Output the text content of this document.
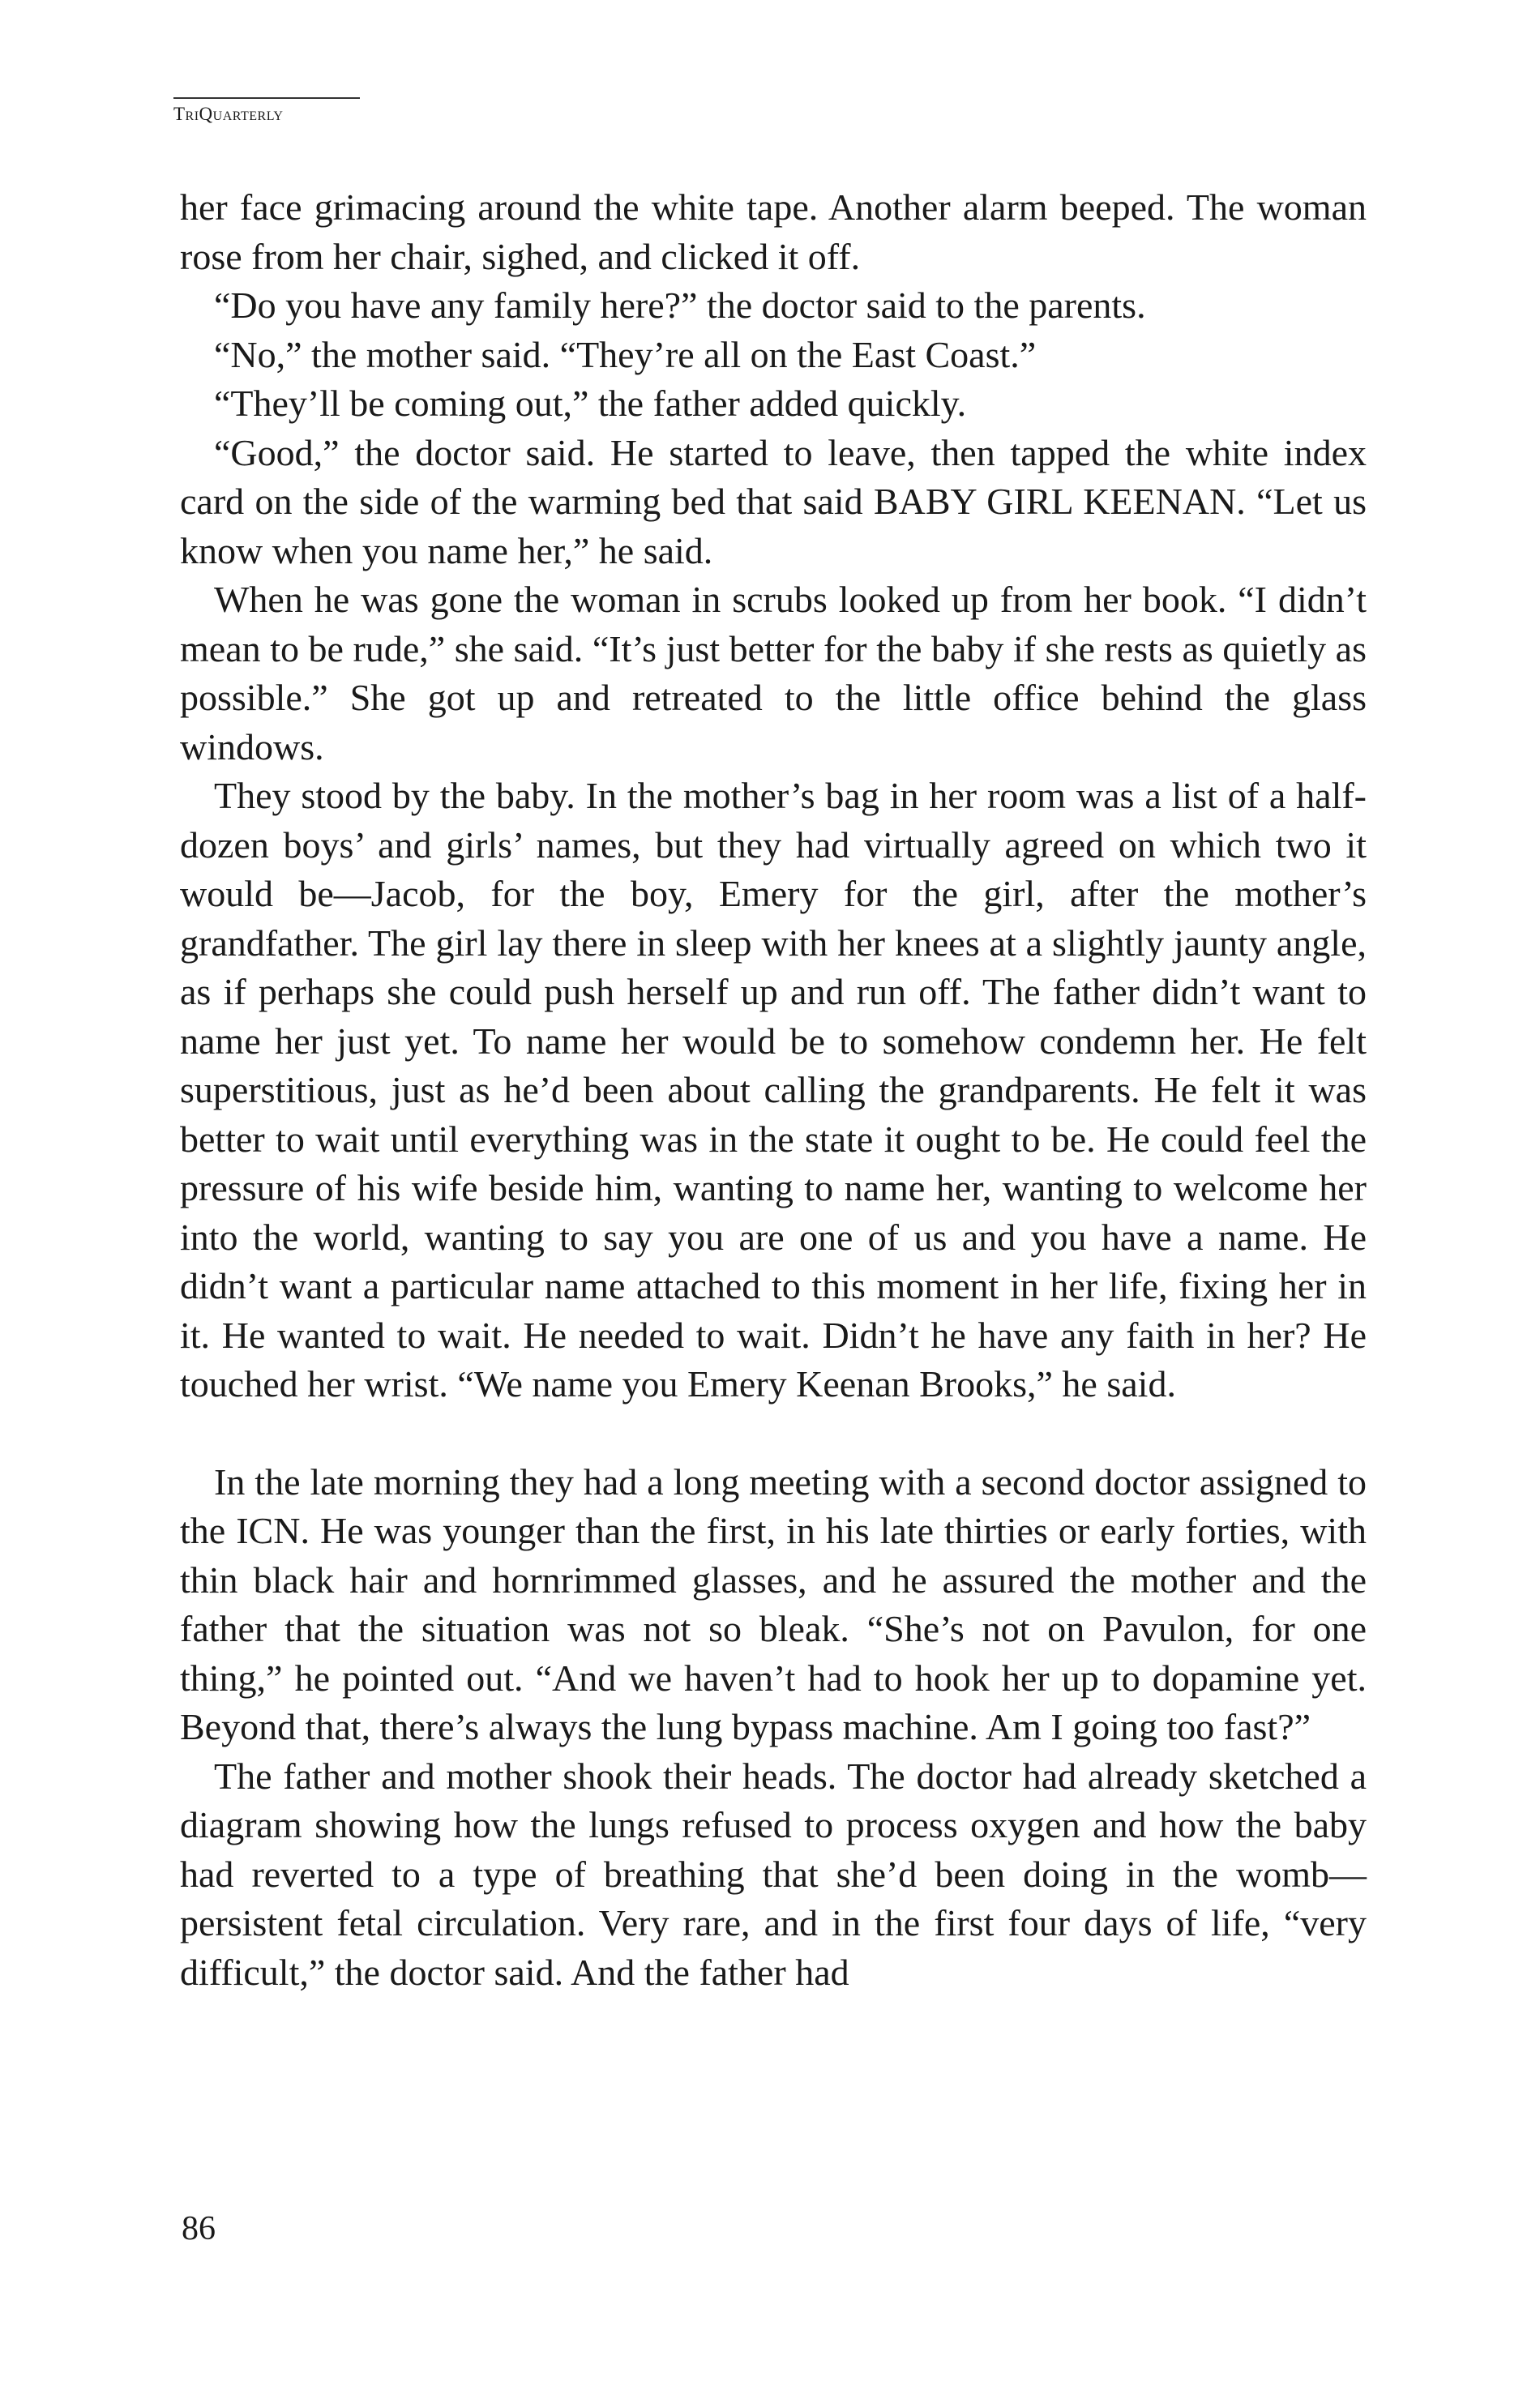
TriQuarterly

her face grimacing around the white tape. Another alarm beeped. The woman rose from her chair, sighed, and clicked it off.

“Do you have any family here?” the doctor said to the parents.

“No,” the mother said. “They’re all on the East Coast.”

“They’ll be coming out,” the father added quickly.

“Good,” the doctor said. He started to leave, then tapped the white index card on the side of the warming bed that said BABY GIRL KEENAN. “Let us know when you name her,” he said.

When he was gone the woman in scrubs looked up from her book. “I didn’t mean to be rude,” she said. “It’s just better for the baby if she rests as quietly as possible.” She got up and retreated to the little office behind the glass windows.

They stood by the baby. In the mother’s bag in her room was a list of a half-dozen boys’ and girls’ names, but they had virtually agreed on which two it would be—Jacob, for the boy, Emery for the girl, after the mother’s grandfather. The girl lay there in sleep with her knees at a slightly jaunty angle, as if perhaps she could push herself up and run off. The father didn’t want to name her just yet. To name her would be to somehow condemn her. He felt superstitious, just as he’d been about calling the grandparents. He felt it was better to wait until everything was in the state it ought to be. He could feel the pressure of his wife beside him, wanting to name her, wanting to welcome her into the world, wanting to say you are one of us and you have a name. He didn’t want a particular name attached to this moment in her life, fixing her in it. He wanted to wait. He needed to wait. Didn’t he have any faith in her? He touched her wrist. “We name you Emery Keenan Brooks,” he said.

In the late morning they had a long meeting with a second doctor assigned to the ICN. He was younger than the first, in his late thirties or early forties, with thin black hair and hornrimmed glasses, and he assured the mother and the father that the situation was not so bleak. “She’s not on Pavulon, for one thing,” he pointed out. “And we haven’t had to hook her up to dopamine yet. Beyond that, there’s always the lung bypass machine. Am I going too fast?”

The father and mother shook their heads. The doctor had already sketched a diagram showing how the lungs refused to process oxygen and how the baby had reverted to a type of breathing that she’d been doing in the womb—persistent fetal circulation. Very rare, and in the first four days of life, “very difficult,” the doctor said. And the father had

86
